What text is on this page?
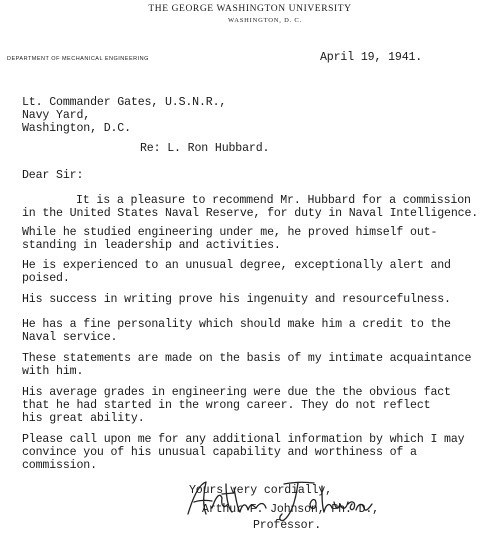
THE GEORGE WASHINGTON UNIVERSITY
WASHINGTON, D. C.
DEPARTMENT OF MECHANICAL ENGINEERING	April 19, 1941.
Lt. Commander Gates, U.S.N.R.,
Navy Yard,
Washington, D.C.
Re: L. Ron Hubbard.
Dear Sir:
It is a pleasure to recommend Mr. Hubbard for a commission
in the United States Naval Reserve, for duty in Naval Intelligence.
While he studied engineering under me, he proved himself out-
standing in leadership and activities.
He is experienced to an unusual degree, exceptionally alert and
poised.
His success in writing prove his ingenuity and resourcefulness.
He has a fine personality which should make him a credit to the
Naval service.
These statements are made on the basis of my intimate acquaintance
with him.
His average grades in engineering were due the the obvious fact
that he had started in the wrong career. They do not reflect
his great ability.
Please call upon me for any additional information by which I may
convince you of his unusual capability and worthiness of a
commission.
Yours very cordially,
Arthur F. Johnson, Ph. D.,
Professor.
